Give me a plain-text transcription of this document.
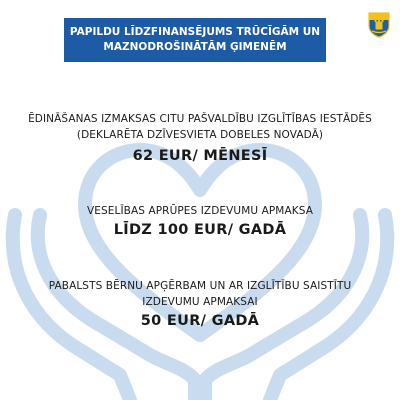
PAPILDU LĪDZFINANSĒJUMS TRŪCĪGĀM UN
MAZNODROŠINĀTĀM ĢIMENĒM
ĒDINĀŠANAS IZMAKSAS CITU PAŠVALDĪBU IZGLĪTĪBAS IESTĀDĒS
(DEKLARĒTA DZĪVESVIETA DOBELES NOVADĀ)
62 EUR/ MĒNESĪ
VESELĪBAS APRŪPES IZDEVUMU APMAKSA
LĪDZ 100 EUR/ GADĀ
PABALSTS BĒRNU APĢĒRBAM UN AR IZGLĪTĪBU SAISTĪTU
IZDEVUMU APMAKSAI
50 EUR/ GADĀ
